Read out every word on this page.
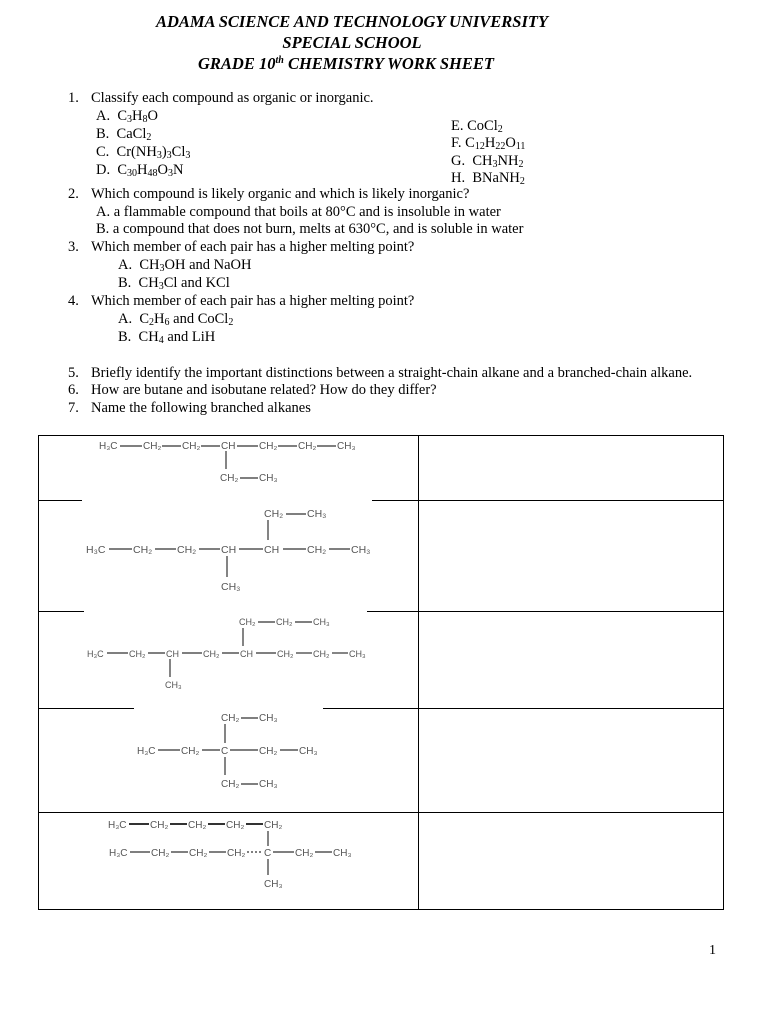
ADAMA SCIENCE AND TECHNOLOGY UNIVERSITY
SPECIAL SCHOOL
GRADE 10th CHEMISTRY WORK SHEET
1. Classify each compound as organic or inorganic.
A.  $C_3H_8O$
B.  CaCl$_2$
C.  $Cr(NH_3)_3Cl_3$
D.  $C_{30}H_{48}O_3N$
E. CoCl$_2$
F. $C_{12}H_{22}O_{11}$
G.  $CH_3NH_2$
H.  BNaNH$_2$
2. Which compound is likely organic and which is likely inorganic?
A. a flammable compound that boils at 80°C and is insoluble in water
B. a compound that does not burn, melts at 630°C, and is soluble in water
3. Which member of each pair has a higher melting point?
A.  $CH_3OH$ and NaOH
B.  $CH_3Cl$ and KCl
4. Which member of each pair has a higher melting point?
A.  $C_2H_6$ and CoCl$_2$
B.  $CH_4$ and LiH
5. Briefly identify the important distinctions between a straight-chain alkane and a branched-chain alkane.
6. How are butane and isobutane related? How do they differ?
7. Name the following branched alkanes
H₃C	CH₂ CH₂ CH CH₂ CH₂ CH₃
CH₂ CH₃
CH₂ CH₃
H₃C	CH₂ CH₂ CH	CH	CH₂ CH₃
CH₃
CH₂ CH₂ CH₃
H₃C	CH₂ CH	CH₂ CH	CH₂ CH₂ CH₃
CH₃
CH₂ CH₃
H₃C	CH₂ C	CH₂ CH₃
CH₂ CH₃
H₃C CH₂ CH₂ CH₂ CH₂
H₃C CH₂ CH₂ CH₂ C CH₂ CH₃
CH₃
1
